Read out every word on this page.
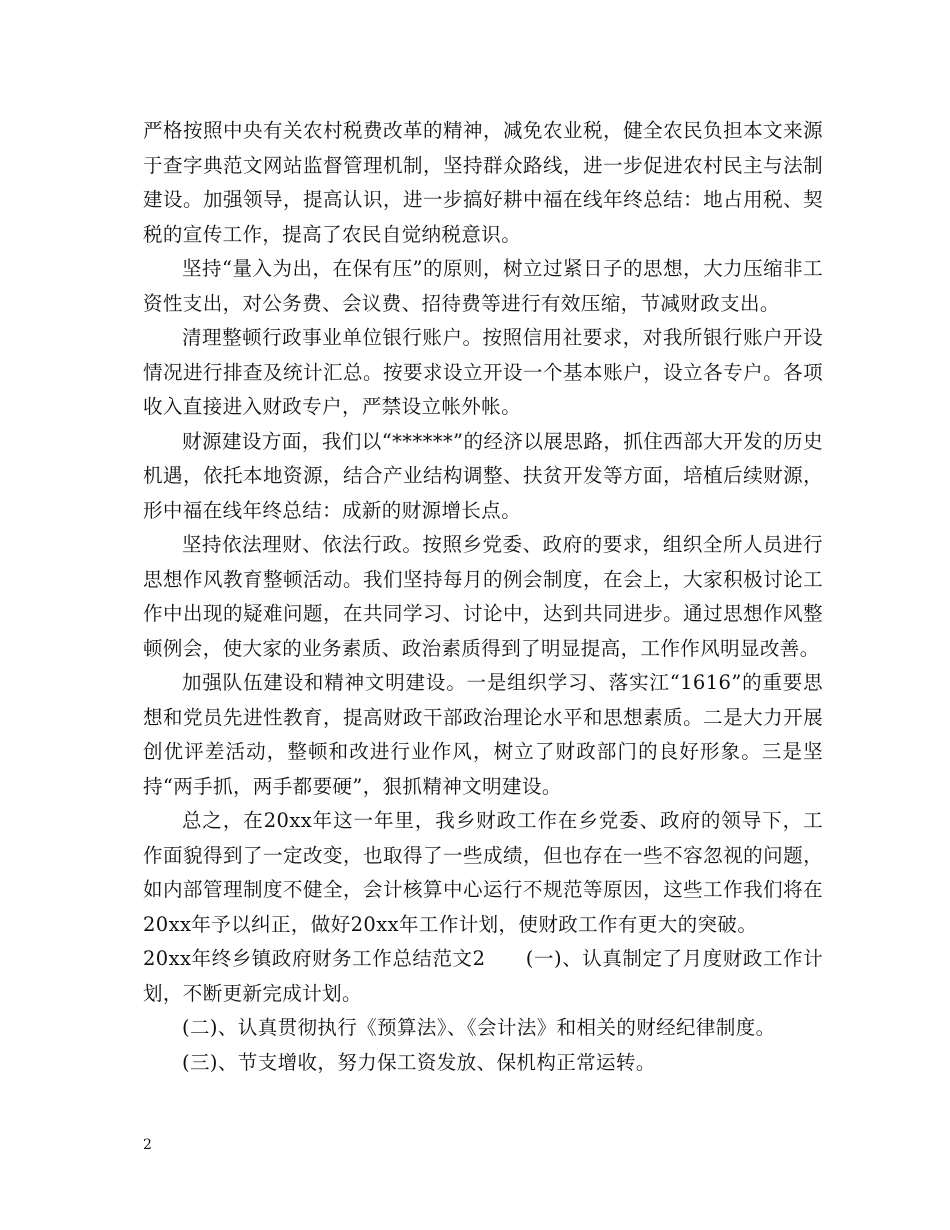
严格按照中央有关农村税费改革的精神，减免农业税，健全农民负担本文来源于查字典范文网站监督管理机制，坚持群众路线，进一步促进农村民主与法制建设。加强领导，提高认识，进一步搞好耕中福在线年终总结：地占用税、契税的宣传工作，提高了农民自觉纳税意识。

坚持“量入为出，在保有压”的原则，树立过紧日子的思想，大力压缩非工资性支出，对公务费、会议费、招待费等进行有效压缩，节减财政支出。

清理整顿行政事业单位银行账户。按照信用社要求，对我所银行账户开设情况进行排查及统计汇总。按要求设立开设一个基本账户，设立各专户。各项收入直接进入财政专户，严禁设立帐外帐。

财源建设方面，我们以“******”的经济以展思路，抓住西部大开发的历史机遇，依托本地资源，结合产业结构调整、扶贫开发等方面，培植后续财源，形中福在线年终总结：成新的财源增长点。

坚持依法理财、依法行政。按照乡党委、政府的要求，组织全所人员进行思想作风教育整顿活动。我们坚持每月的例会制度，在会上，大家积极讨论工作中出现的疑难问题，在共同学习、讨论中，达到共同进步。通过思想作风整顿例会，使大家的业务素质、政治素质得到了明显提高，工作作风明显改善。

加强队伍建设和精神文明建设。一是组织学习、落实江“1616”的重要思想和党员先进性教育，提高财政干部政治理论水平和思想素质。二是大力开展创优评差活动，整顿和改进行业作风，树立了财政部门的良好形象。三是坚持“两手抓，两手都要硬”，狠抓精神文明建设。

总之，在20xx年这一年里，我乡财政工作在乡党委、政府的领导下，工作面貌得到了一定改变，也取得了一些成绩，但也存在一些不容忽视的问题，如内部管理制度不健全，会计核算中心运行不规范等原因，这些工作我们将在20xx年予以纠正，做好20xx年工作计划，使财政工作有更大的突破。

20xx年终乡镇政府财务工作总结范文2　　(一)、认真制定了月度财政工作计划，不断更新完成计划。

(二)、认真贯彻执行《预算法》、《会计法》和相关的财经纪律制度。

(三)、节支增收，努力保工资发放、保机构正常运转。

2
